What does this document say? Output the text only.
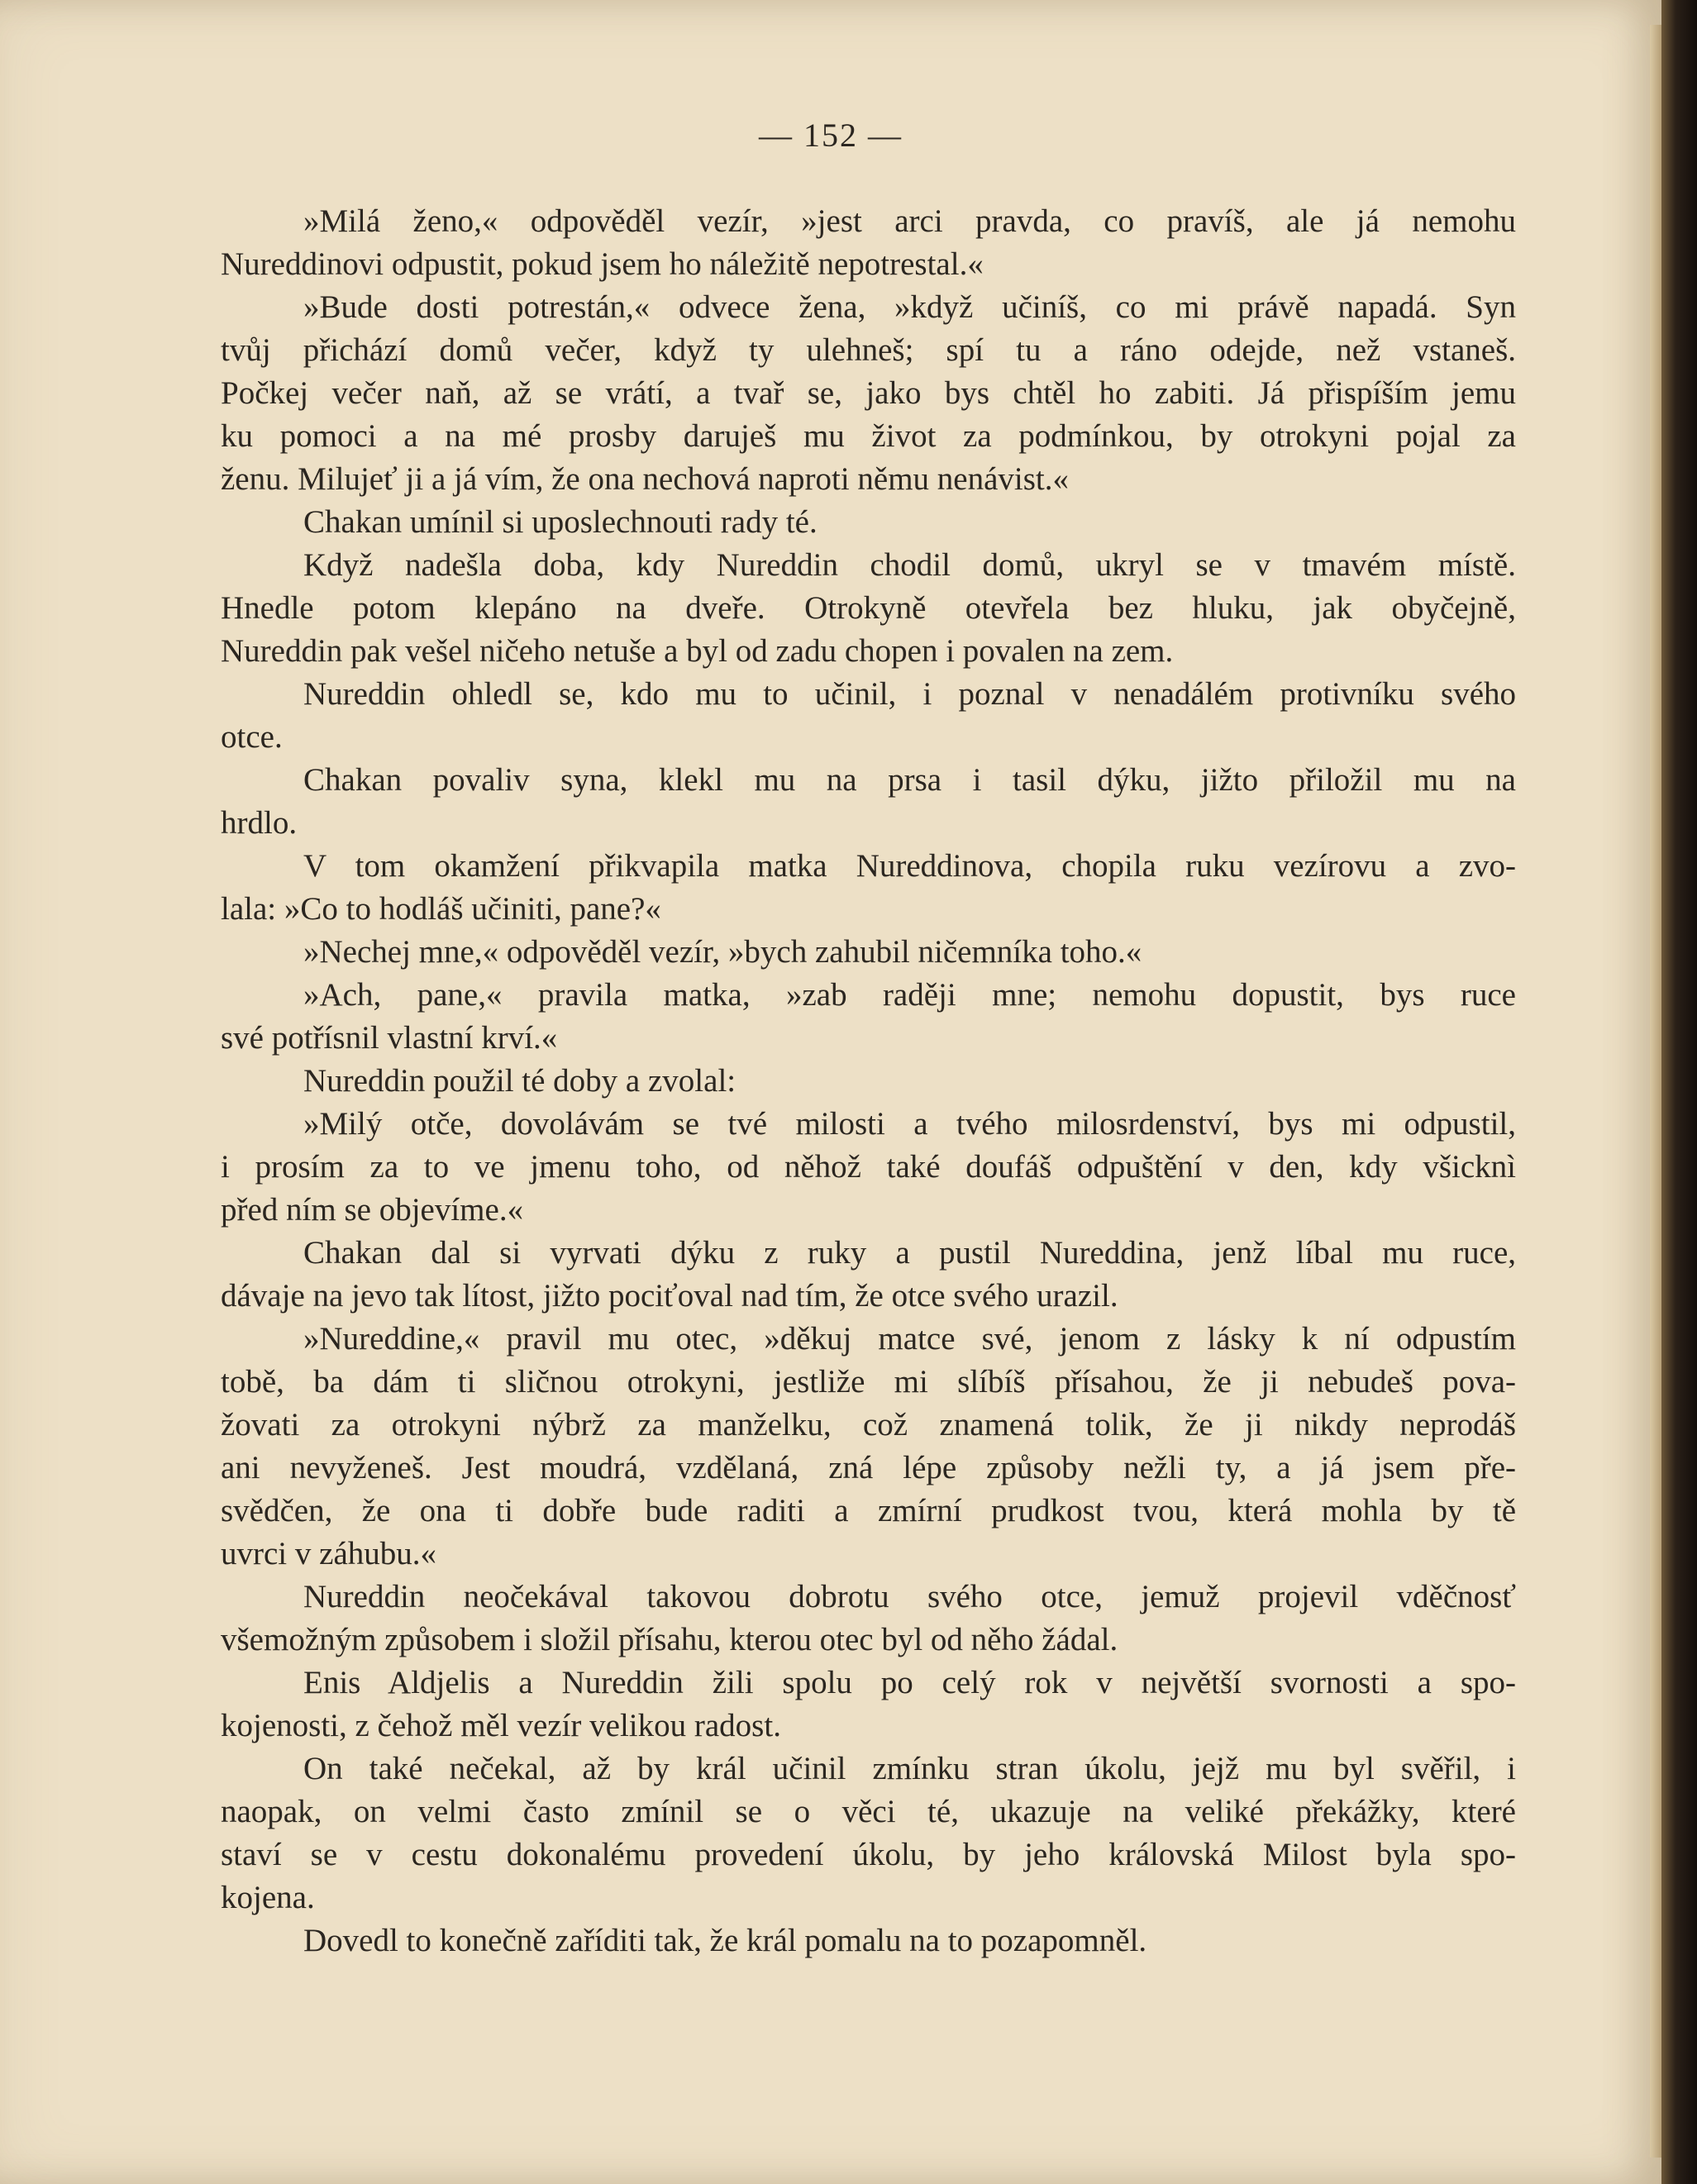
— 152 —
»Milá ženo,« odpověděl vezír, »jest arci pravda, co pravíš, ale já nemohu
Nureddinovi odpustit, pokud jsem ho náležitě nepotrestal.«
»Bude dosti potrestán,« odvece žena, »když učiníš, co mi právě napadá. Syn
tvůj přichází domů večer, když ty ulehneš; spí tu a ráno odejde, než vstaneš.
Počkej večer naň, až se vrátí, a tvař se, jako bys chtěl ho zabiti. Já přispíším jemu
ku pomoci a na mé prosby daruješ mu život za podmínkou, by otrokyni pojal za
ženu. Milujeť ji a já vím, že ona nechová naproti němu nenávist.«
Chakan umínil si uposlechnouti rady té.
Když nadešla doba, kdy Nureddin chodil domů, ukryl se v tmavém místě.
Hnedle potom klepáno na dveře. Otrokyně otevřela bez hluku, jak obyčejně,
Nureddin pak vešel ničeho netuše a byl od zadu chopen i povalen na zem.
Nureddin ohledl se, kdo mu to učinil, i poznal v nenadálém protivníku svého
otce.
Chakan povaliv syna, klekl mu na prsa i tasil dýku, jižto přiložil mu na
hrdlo.
V tom okamžení přikvapila matka Nureddinova, chopila ruku vezírovu a zvo-
lala: »Co to hodláš učiniti, pane?«
»Nechej mne,« odpověděl vezír, »bych zahubil ničemníka toho.«
»Ach, pane,« pravila matka, »zab raději mne; nemohu dopustit, bys ruce
své potřísnil vlastní krví.«
Nureddin použil té doby a zvolal:
»Milý otče, dovolávám se tvé milosti a tvého milosrdenství, bys mi odpustil,
i prosím za to ve jmenu toho, od něhož také doufáš odpuštění v den, kdy všicknì
před ním se objevíme.«
Chakan dal si vyrvati dýku z ruky a pustil Nureddina, jenž líbal mu ruce,
dávaje na jevo tak lítost, jižto pociťoval nad tím, že otce svého urazil.
»Nureddine,« pravil mu otec, »děkuj matce své, jenom z lásky k ní odpustím
tobě, ba dám ti sličnou otrokyni, jestliže mi slíbíš přísahou, že ji nebudeš pova-
žovati za otrokyni nýbrž za manželku, což znamená tolik, že ji nikdy neprodáš
ani nevyženeš. Jest moudrá, vzdělaná, zná lépe způsoby nežli ty, a já jsem pře-
svědčen, že ona ti dobře bude raditi a zmírní prudkost tvou, která mohla by tě
uvrci v záhubu.«
Nureddin neočekával takovou dobrotu svého otce, jemuž projevil vděčnosť
všemožným způsobem i složil přísahu, kterou otec byl od něho žádal.
Enis Aldjelis a Nureddin žili spolu po celý rok v největší svornosti a spo-
kojenosti, z čehož měl vezír velikou radost.
On také nečekal, až by král učinil zmínku stran úkolu, jejž mu byl svěřil, i
naopak, on velmi často zmínil se o věci té, ukazuje na veliké překážky, které
staví se v cestu dokonalému provedení úkolu, by jeho královská Milost byla spo-
kojena.
Dovedl to konečně zaříditi tak, že král pomalu na to pozapomněl.
